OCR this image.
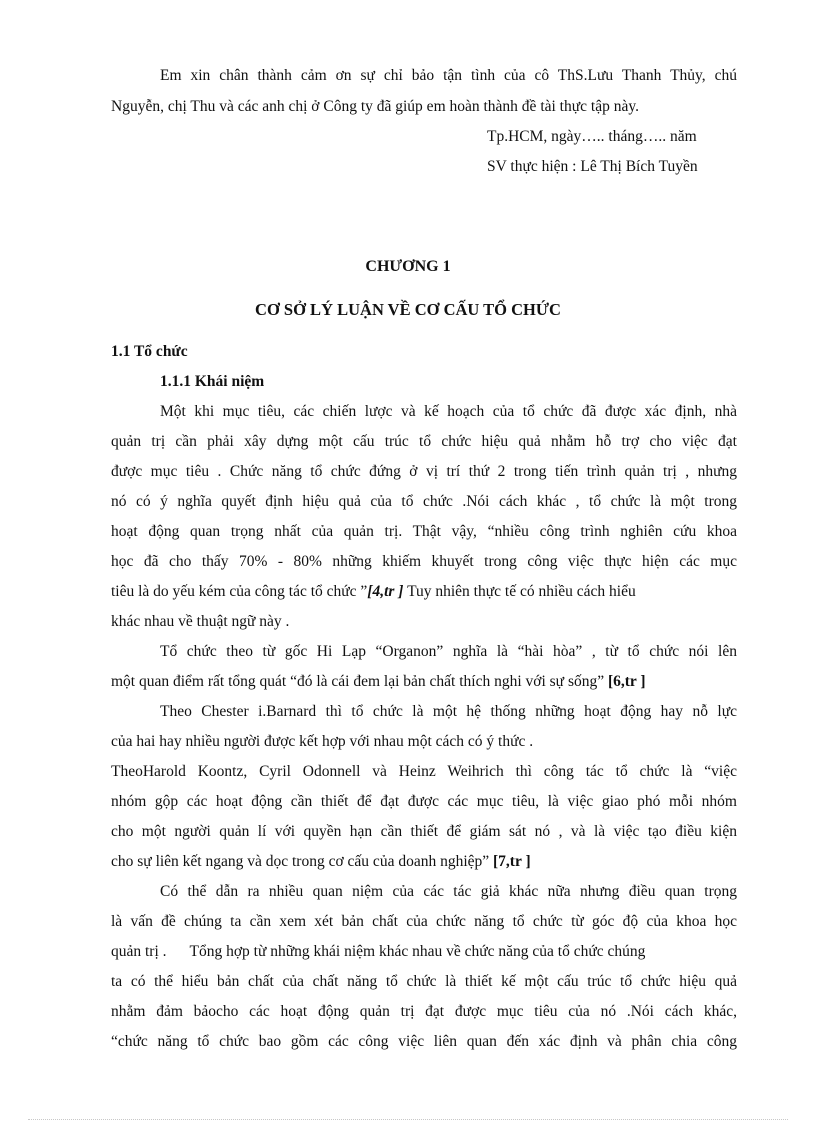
Em xin chân thành cảm ơn sự chỉ bảo tận tình của cô ThS.Lưu Thanh Thủy, chú
Nguyễn, chị Thu và các anh chị ở Công ty đã giúp em hoàn thành đề tài thực tập này.
Tp.HCM, ngày….. tháng….. năm
SV thực hiện : Lê Thị Bích Tuyền
CHƯƠNG 1
CƠ SỞ LÝ LUẬN VỀ CƠ CẤU TỔ CHỨC
1.1 Tổ chức
1.1.1 Khái niệm
Một khi mục tiêu, các chiến lược và kế hoạch của tổ chức đã được xác định, nhà
quản trị cần phải xây dựng một cấu trúc tổ chức hiệu quả nhằm hỗ trợ cho việc đạt
được mục tiêu . Chức năng tổ chức đứng ở vị trí thứ 2 trong tiến trình quản trị , nhưng
nó có ý nghĩa quyết định hiệu quả của tổ chức .Nói cách khác , tổ chức là một trong
hoạt động quan trọng nhất của quản trị. Thật vậy, “nhiều công trình nghiên cứu khoa
học đã cho thấy 70% - 80% những khiếm khuyết trong công việc thực hiện các mục
tiêu là do yếu kém của công tác tổ chức ”[4,tr ] Tuy nhiên thực tế có nhiều cách hiểu
khác nhau về thuật ngữ này .
Tổ chức theo từ gốc Hi Lạp “Organon” nghĩa là “hài hòa” , từ tổ chức nói lên
một quan điểm rất tổng quát “đó là cái đem lại bản chất thích nghi với sự sống” [6,tr ]
Theo Chester i.Barnard thì tổ chức là một hệ thống những hoạt động hay nỗ lực
của hai hay nhiều người được kết hợp với nhau một cách có ý thức .
TheoHarold Koontz, Cyril Odonnell và Heinz Weihrich thì công tác tổ chức là “việc
nhóm gộp các hoạt động cần thiết để đạt được các mục tiêu, là việc giao phó mỗi nhóm
cho một người quản lí với quyền hạn cần thiết để giám sát nó , và là việc tạo điều kiện
cho sự liên kết ngang và dọc trong cơ cấu của doanh nghiệp” [7,tr ]
Có thể dẫn ra nhiều quan niệm của các tác giả khác nữa nhưng điều quan trọng
là vấn đề chúng ta cần xem xét bản chất của chức năng tổ chức từ góc độ của khoa học
quản trị .      Tổng hợp từ những khái niệm khác nhau về chức năng của tổ chức chúng
ta có thể hiểu bản chất của chất năng tổ chức là thiết kế một cấu trúc tổ chức hiệu quả
nhằm đảm bảocho các hoạt động quản trị đạt được mục tiêu của nó .Nói cách khác,
“chức năng tổ chức bao gồm các công việc liên quan đến xác định và phân chia công
